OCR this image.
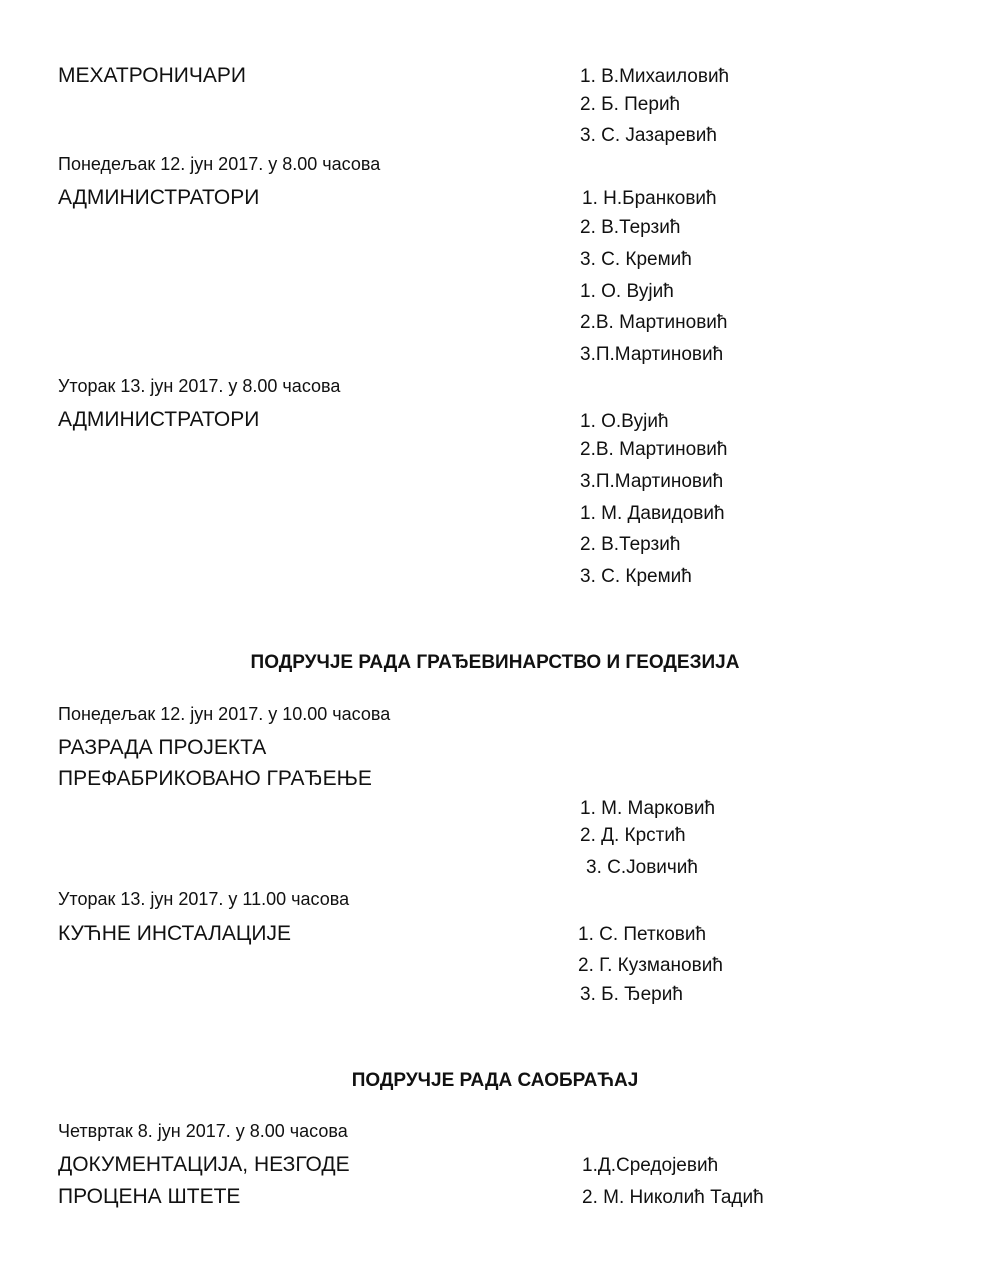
МЕХАТРОНИЧАРИ	1. В.Михаиловић
2. Б. Перић
3. С. Јазаревић
Понедељак 12. јун 2017. у 8.00 часова
АДМИНИСТРАТОРИ	1. Н.Бранковић
2. В.Терзић
3. С. Кремић
1. О. Вујић
2.В. Мартиновић
3.П.Мартиновић
Уторак 13. јун 2017. у 8.00 часова
АДМИНИСТРАТОРИ	1. О.Вујић
2.В. Мартиновић
3.П.Мартиновић
1. М. Давидовић
2. В.Терзић
3. С. Кремић
ПОДРУЧЈЕ РАДА ГРАЂЕВИНАРСТВО И ГЕОДЕЗИЈА
Понедељак 12. јун 2017. у 10.00 часова
РАЗРАДА ПРОЈЕКТА
ПРЕФАБРИКОВАНО ГРАЂЕЊЕ
1. М. Марковић
2. Д. Крстић
3. С.Јовичић
Уторак 13. јун 2017. у 11.00 часова
КУЋНЕ ИНСТАЛАЦИЈЕ	1. С. Петковић
2. Г. Кузмановић
3. Б. Ђерић
ПОДРУЧЈЕ РАДА САОБРАЋАЈ
Четвртак 8. јун 2017. у 8.00 часова
ДОКУМЕНТАЦИЈА, НЕЗГОДЕ
ПРОЦЕНА ШТЕТЕ
1.Д.Средојевић
2. М. Николић Тадић
